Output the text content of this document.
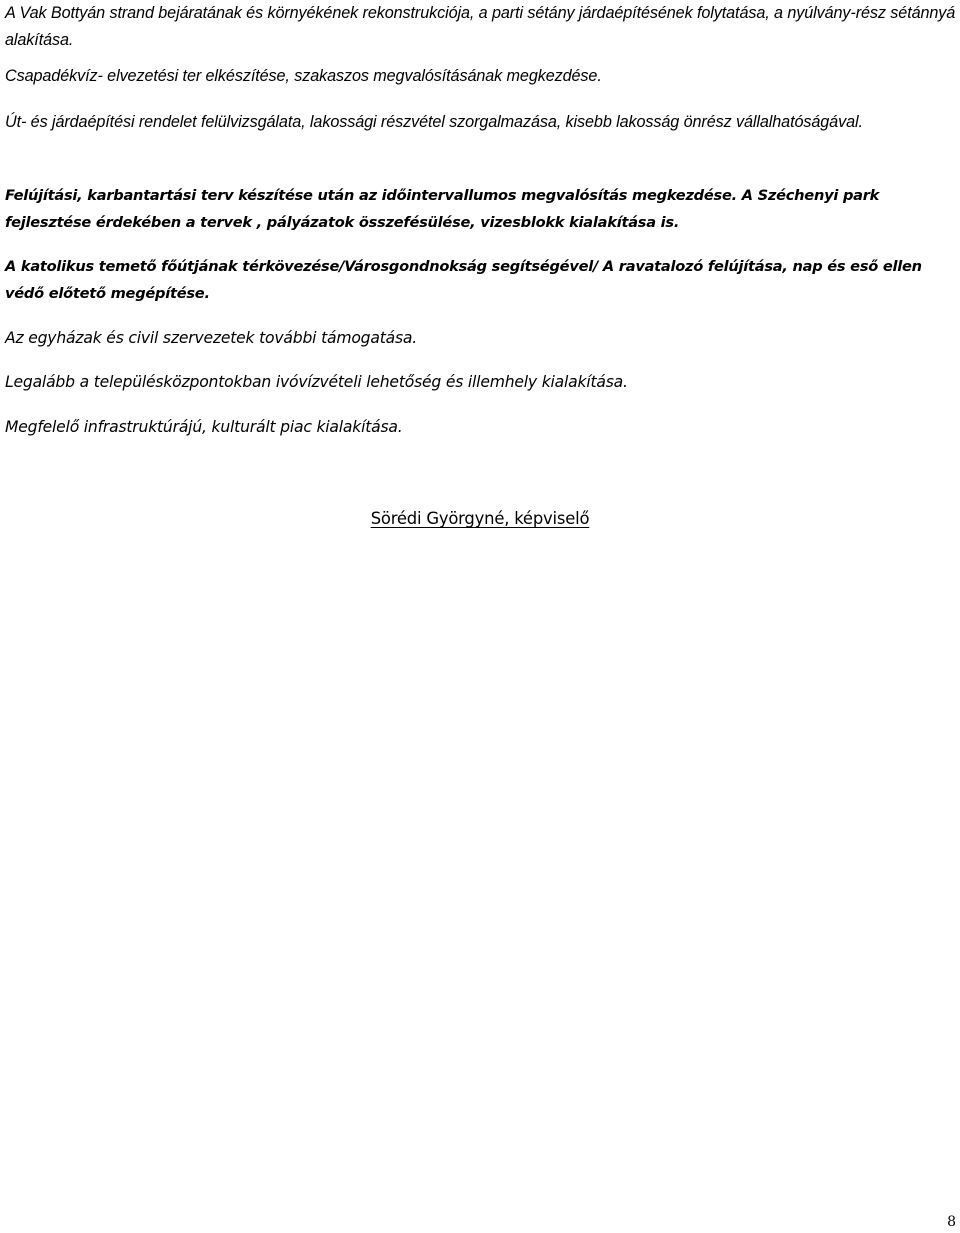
A Vak Bottyán strand bejáratának és környékének rekonstrukciója, a parti sétány járdaépítésének folytatása, a nyúlvány-rész sétánnyá alakítása.

Csapadékvíz- elvezetési ter elkészítése, szakaszos megvalósításának megkezdése.

Út- és járdaépítési rendelet felülvizsgálata, lakossági részvétel szorgalmazása, kisebb lakosság önrész vállalhatóságával.

Felújítási, karbantartási terv készítése után az időintervallumos megvalósítás megkezdése. A Széchenyi park fejlesztése érdekében a tervek , pályázatok összefésülése, vizesblokk kialakítása is.

A katolikus temető főútjának térkövezése/Városgondnokság segítségével/ A ravatalozó felújítása, nap és eső ellen védő előtető megépítése.

Az egyházak és civil szervezetek további támogatása.

Legalább a településközpontokban ivóvízvételi lehetőség és illemhely kialakítása.

Megfelelő infrastruktúrájú, kulturált piac kialakítása.

Sörédi Györgyné, képviselő
8
